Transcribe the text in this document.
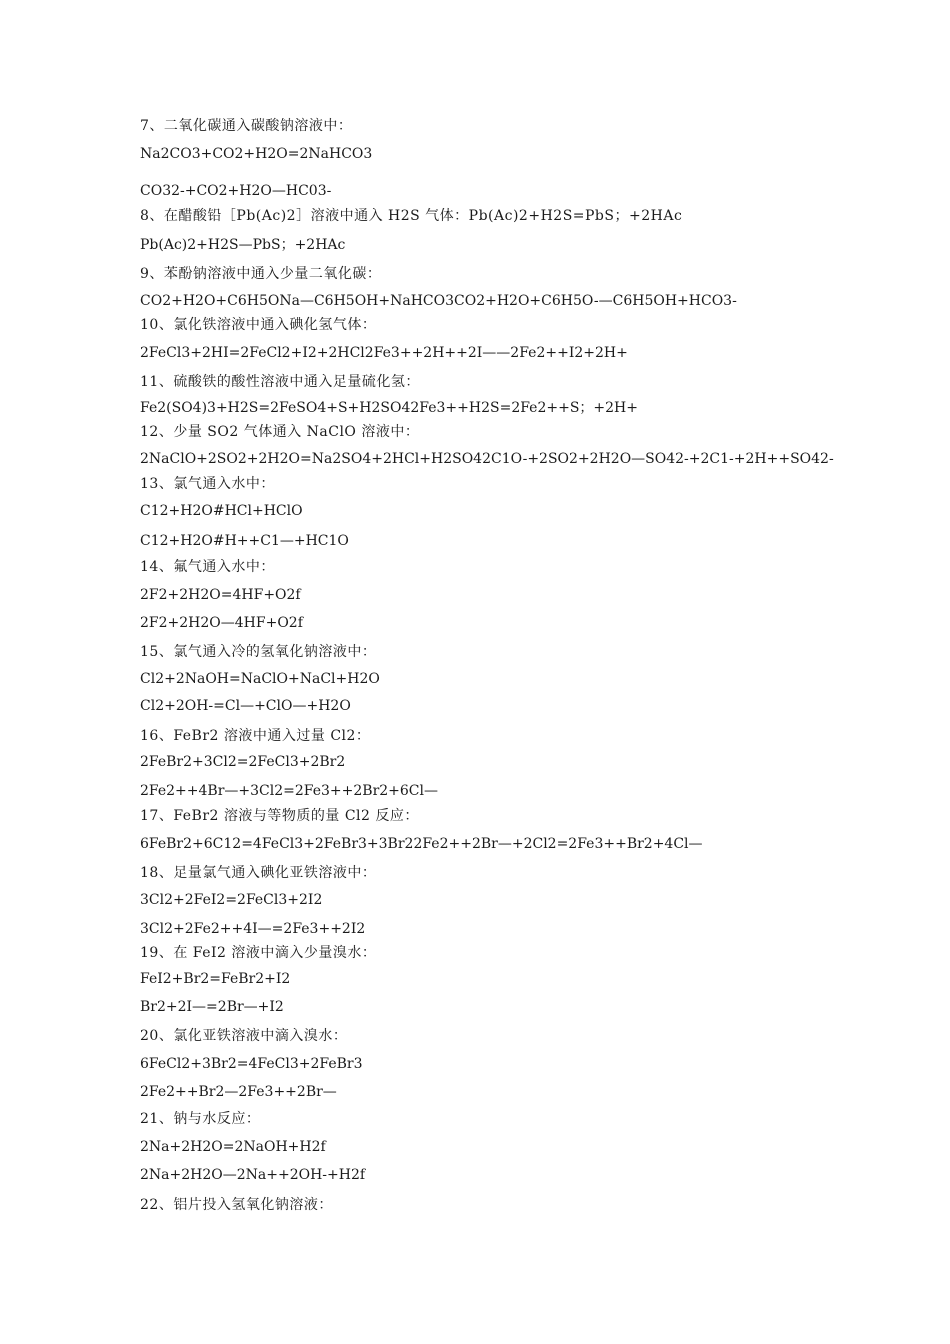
7、二氧化碳通入碳酸钠溶液中：
Na2CO3+CO2+H2O=2NaHCO3
CO32-+CO2+H2O—HC03-
8、在醋酸铅［Pb(Ac)2］溶液中通入 H2S 气体：Pb(Ac)2+H2S=PbS；+2HAc
Pb(Ac)2+H2S—PbS；+2HAc
9、苯酚钠溶液中通入少量二氧化碳：
CO2+H2O+C6H5ONa—C6H5OH+NaHCO3CO2+H2O+C6H5O-—C6H5OH+HCO3-
10、氯化铁溶液中通入碘化氢气体：
2FeCl3+2HI=2FeCl2+I2+2HCl2Fe3++2H++2I——2Fe2++I2+2H+
11、硫酸铁的酸性溶液中通入足量硫化氢：
Fe2(SO4)3+H2S=2FeSO4+S+H2SO42Fe3++H2S=2Fe2++S；+2H+
12、少量 SO2 气体通入 NaClO 溶液中：
2NaClO+2SO2+2H2O=Na2SO4+2HCl+H2SO42C1O-+2SO2+2H2O—SO42-+2C1-+2H++SO42-
13、氯气通入水中：
C12+H2O#HCl+HClO
C12+H2O#H++C1—+HC1O
14、氟气通入水中：
2F2+2H2O=4HF+O2f
2F2+2H2O—4HF+O2f
15、氯气通入冷的氢氧化钠溶液中：
Cl2+2NaOH=NaClO+NaCl+H2O
Cl2+2OH-=Cl—+ClO—+H2O
16、FeBr2 溶液中通入过量 Cl2：
2FeBr2+3Cl2=2FeCl3+2Br2
2Fe2++4Br—+3Cl2=2Fe3++2Br2+6Cl—
17、FeBr2 溶液与等物质的量 Cl2 反应：
6FeBr2+6C12=4FeCl3+2FeBr3+3Br22Fe2++2Br—+2Cl2=2Fe3++Br2+4Cl—
18、足量氯气通入碘化亚铁溶液中：
3Cl2+2FeI2=2FeCl3+2I2
3Cl2+2Fe2++4I—=2Fe3++2I2
19、在 FeI2 溶液中滴入少量溴水：
FeI2+Br2=FeBr2+I2
Br2+2I—=2Br—+I2
20、氯化亚铁溶液中滴入溴水：
6FeCl2+3Br2=4FeCl3+2FeBr3
2Fe2++Br2—2Fe3++2Br—
21、钠与水反应：
2Na+2H2O=2NaOH+H2f
2Na+2H2O—2Na++2OH-+H2f
22、铝片投入氢氧化钠溶液：
